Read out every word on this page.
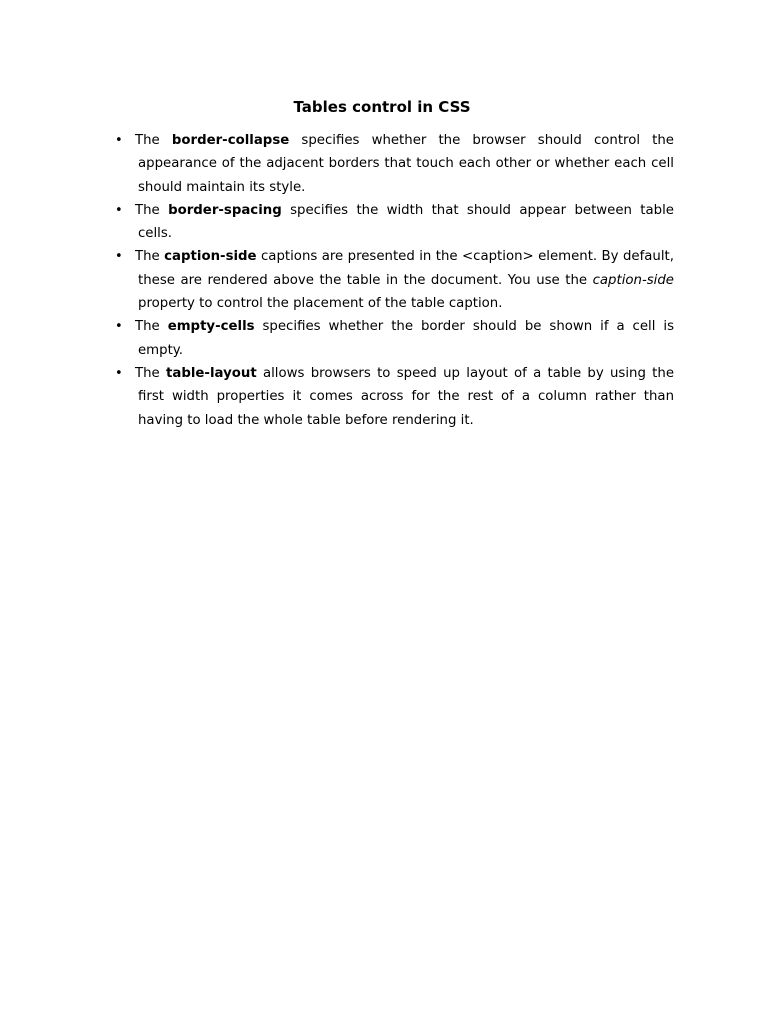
Tables control in CSS
• The border-collapse specifies whether the browser should control the appearance of the adjacent borders that touch each other or whether each cell should maintain its style.
• The border-spacing specifies the width that should appear between table cells.
• The caption-side captions are presented in the <caption> element. By default, these are rendered above the table in the document. You use the caption-side property to control the placement of the table caption.
• The empty-cells specifies whether the border should be shown if a cell is empty.
• The table-layout allows browsers to speed up layout of a table by using the first width properties it comes across for the rest of a column rather than having to load the whole table before rendering it.
